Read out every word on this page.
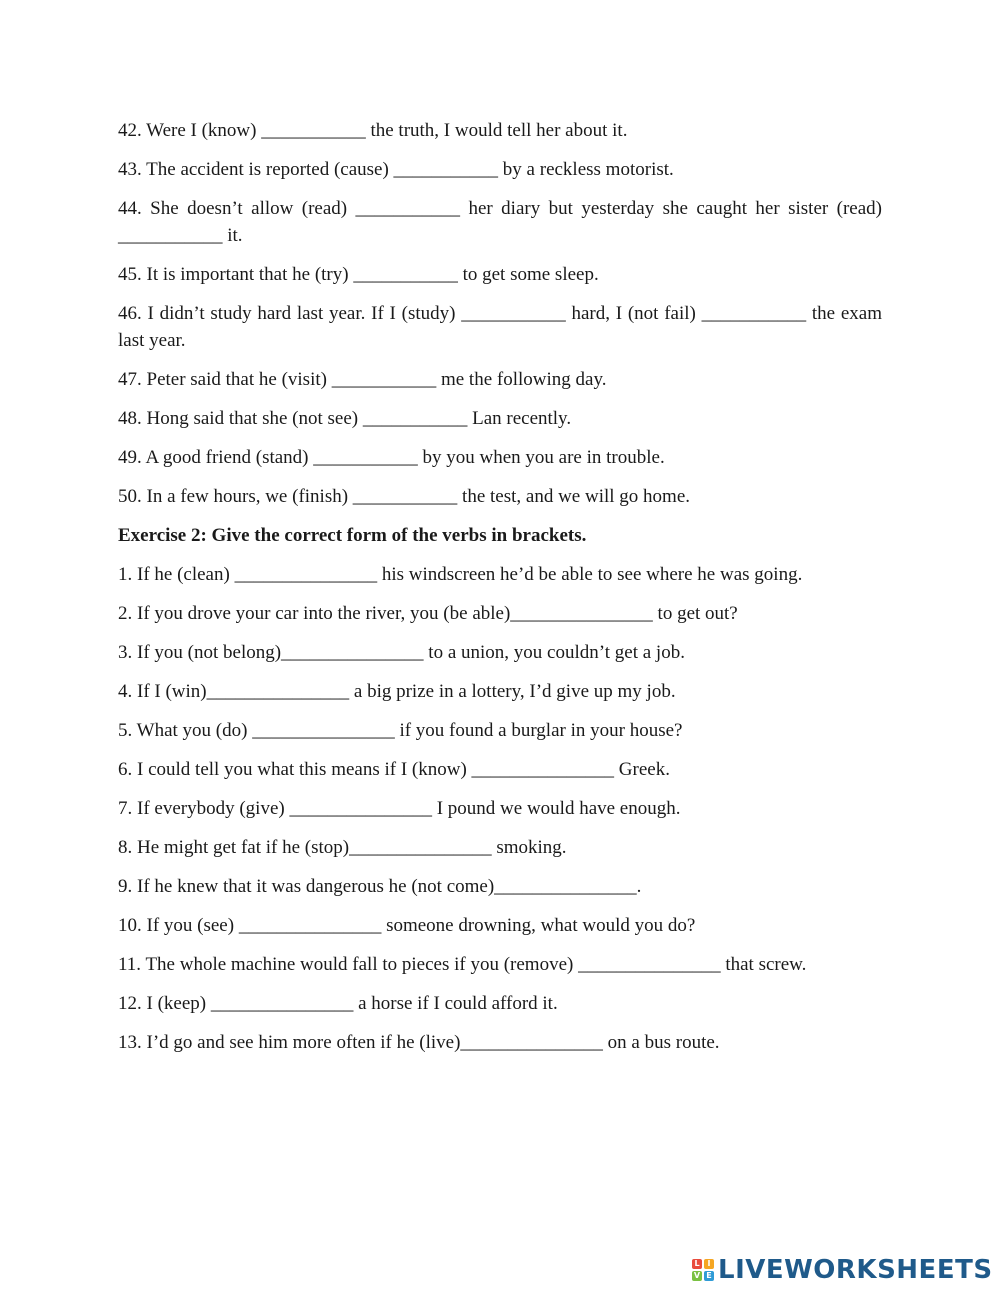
42. Were I (know) ___________ the truth, I would tell her about it.

43. The accident is reported (cause) ___________ by a reckless motorist.

44. She doesn’t allow (read) ___________ her diary but yesterday she caught her sister (read) ___________ it.

45. It is important that he (try) ___________ to get some sleep.

46. I didn’t study hard last year. If I (study) ___________ hard, I (not fail) ___________ the exam last year.

47. Peter said that he (visit) ___________ me the following day.

48. Hong said that she (not see) ___________ Lan recently.

49. A good friend (stand) ___________ by you when you are in trouble.

50. In a few hours, we (finish) ___________ the test, and we will go home.

Exercise 2: Give the correct form of the verbs in brackets.

1. If he (clean) _______________ his windscreen he’d be able to see where he was going.

2. If you drove your car into the river, you (be able)_______________ to get out?

3. If you (not belong)_______________ to a union, you couldn’t get a job.

4. If I (win)_______________ a big prize in a lottery, I’d give up my job.

5. What you (do) _______________ if you found a burglar in your house?

6. I could tell you what this means if I (know) _______________ Greek.

7. If everybody (give) _______________ I pound we would have enough.

8. He might get fat if he (stop)_______________ smoking.

9. If he knew that it was dangerous he (not come)_______________.

10. If you (see) _______________ someone drowning, what would you do?

11. The whole machine would fall to pieces if you (remove) _______________ that screw.

12. I (keep) _______________ a horse if I could afford it.

13. I’d go and see him more often if he (live)_______________ on a bus route.

L I
V E LIVEWORKSHEETS
